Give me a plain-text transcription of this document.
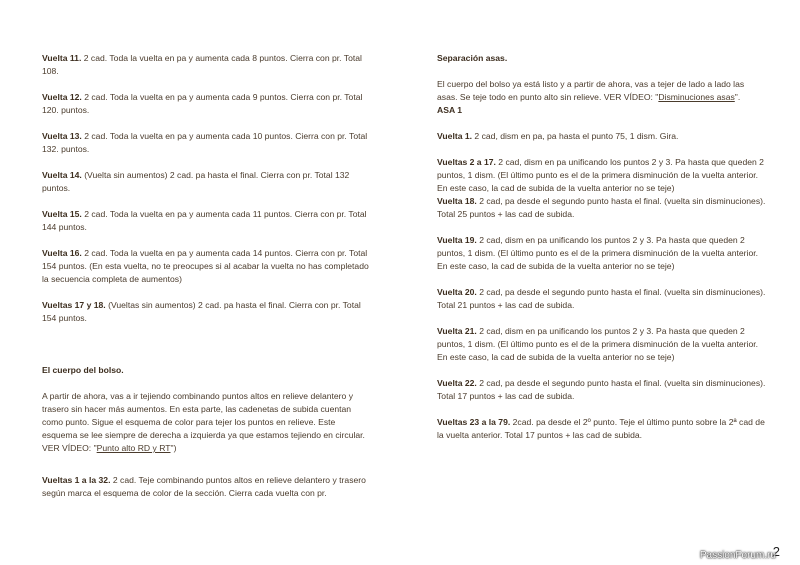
Vuelta 11. 2 cad. Toda la vuelta en pa y aumenta cada 8 puntos. Cierra con pr. Total 108.

Vuelta 12. 2 cad. Toda la vuelta en pa y aumenta cada 9 puntos. Cierra con pr. Total 120. puntos.

Vuelta 13. 2 cad. Toda la vuelta en pa y aumenta cada 10 puntos. Cierra con pr. Total 132. puntos.

Vuelta 14. (Vuelta sin aumentos) 2 cad. pa hasta el final. Cierra con pr. Total 132 puntos.

Vuelta 15. 2 cad. Toda la vuelta en pa y aumenta cada 11 puntos. Cierra con pr. Total 144 puntos.

Vuelta 16. 2 cad. Toda la vuelta en pa y aumenta cada 14 puntos. Cierra con pr. Total 154 puntos. (En esta vuelta, no te preocupes si al acabar la vuelta no has completado la secuencia completa de aumentos)

Vueltas 17 y 18. (Vueltas sin aumentos) 2 cad. pa hasta el final. Cierra con pr. Total 154 puntos.

El cuerpo del bolso.

A partir de ahora, vas a ir tejiendo combinando puntos altos en relieve delantero y trasero sin hacer más aumentos. En esta parte, las cadenetas de subida cuentan como punto. Sigue el esquema de color para tejer los puntos en relieve. Este esquema se lee siempre de derecha a izquierda ya que estamos tejiendo en circular. VER VÍDEO: "Punto alto RD y RT")

Vueltas 1 a la 32. 2 cad. Teje combinando puntos altos en relieve delantero y trasero según marca el esquema de color de la sección. Cierra cada vuelta con pr.

Separación asas.

El cuerpo del bolso ya está listo y a partir de ahora, vas a tejer de lado a lado las asas. Se teje todo en punto alto sin relieve. VER VÍDEO: "Disminuciones asas".

ASA 1

Vuelta 1. 2 cad, dism en pa, pa hasta el punto 75, 1 dism. Gira.

Vueltas 2 a 17. 2 cad, dism en pa unificando los puntos 2 y 3. Pa hasta que queden 2 puntos, 1 dism. (El último punto es el de la primera disminución de la vuelta anterior. En este caso, la cad de subida de la vuelta anterior no se teje)

Vuelta 18. 2 cad, pa desde el segundo punto hasta el final. (vuelta sin disminuciones). Total 25 puntos + las cad de subida.

Vuelta 19. 2 cad, dism en pa unificando los puntos 2 y 3. Pa hasta que queden 2 puntos, 1 dism. (El último punto es el de la primera disminución de la vuelta anterior. En este caso, la cad de subida de la vuelta anterior no se teje)

Vuelta 20. 2 cad, pa desde el segundo punto hasta el final. (vuelta sin disminuciones). Total 21 puntos + las cad de subida.

Vuelta 21. 2 cad, dism en pa unificando los puntos 2 y 3. Pa hasta que queden 2 puntos, 1 dism. (El último punto es el de la primera disminución de la vuelta anterior. En este caso, la cad de subida de la vuelta anterior no se teje)

Vuelta 22. 2 cad, pa desde el segundo punto hasta el final. (vuelta sin disminuciones). Total 17 puntos + las cad de subida.

Vueltas 23 a la 79. 2cad. pa desde el 2º punto. Teje el último punto sobre la 2ª cad de la vuelta anterior. Total 17 puntos + las cad de subida.

2
PassionForum.ru
